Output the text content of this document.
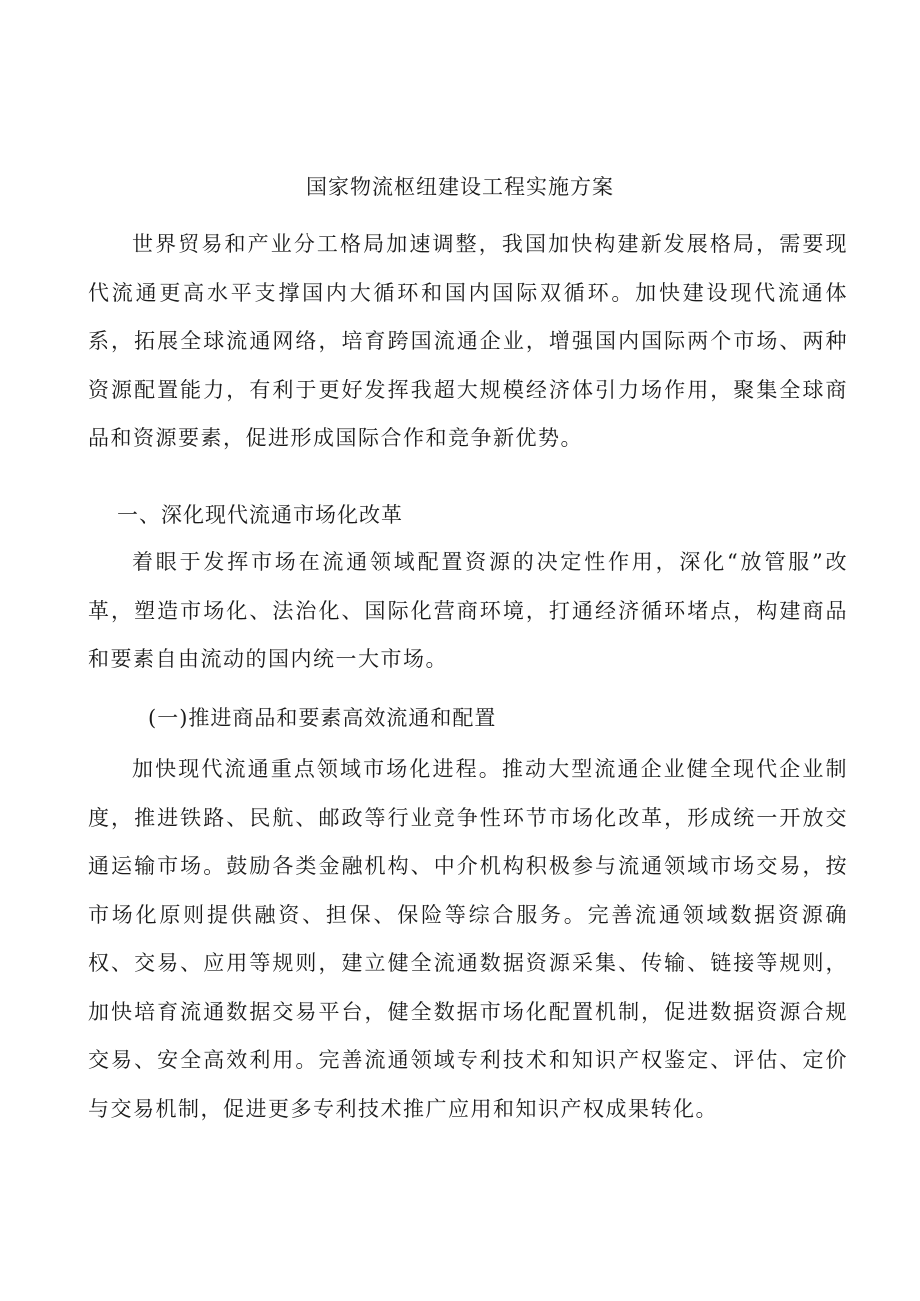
国家物流枢纽建设工程实施方案

世界贸易和产业分工格局加速调整，我国加快构建新发展格局，需要现代流通更高水平支撑国内大循环和国内国际双循环。加快建设现代流通体系，拓展全球流通网络，培育跨国流通企业，增强国内国际两个市场、两种资源配置能力，有利于更好发挥我超大规模经济体引力场作用，聚集全球商品和资源要素，促进形成国际合作和竞争新优势。

一、深化现代流通市场化改革

着眼于发挥市场在流通领域配置资源的决定性作用，深化“放管服”改革，塑造市场化、法治化、国际化营商环境，打通经济循环堵点，构建商品和要素自由流动的国内统一大市场。

(一)推进商品和要素高效流通和配置

加快现代流通重点领域市场化进程。推动大型流通企业健全现代企业制度，推进铁路、民航、邮政等行业竞争性环节市场化改革，形成统一开放交通运输市场。鼓励各类金融机构、中介机构积极参与流通领域市场交易，按市场化原则提供融资、担保、保险等综合服务。完善流通领域数据资源确权、交易、应用等规则，建立健全流通数据资源采集、传输、链接等规则，加快培育流通数据交易平台，健全数据市场化配置机制，促进数据资源合规交易、安全高效利用。完善流通领域专利技术和知识产权鉴定、评估、定价与交易机制，促进更多专利技术推广应用和知识产权成果转化。
